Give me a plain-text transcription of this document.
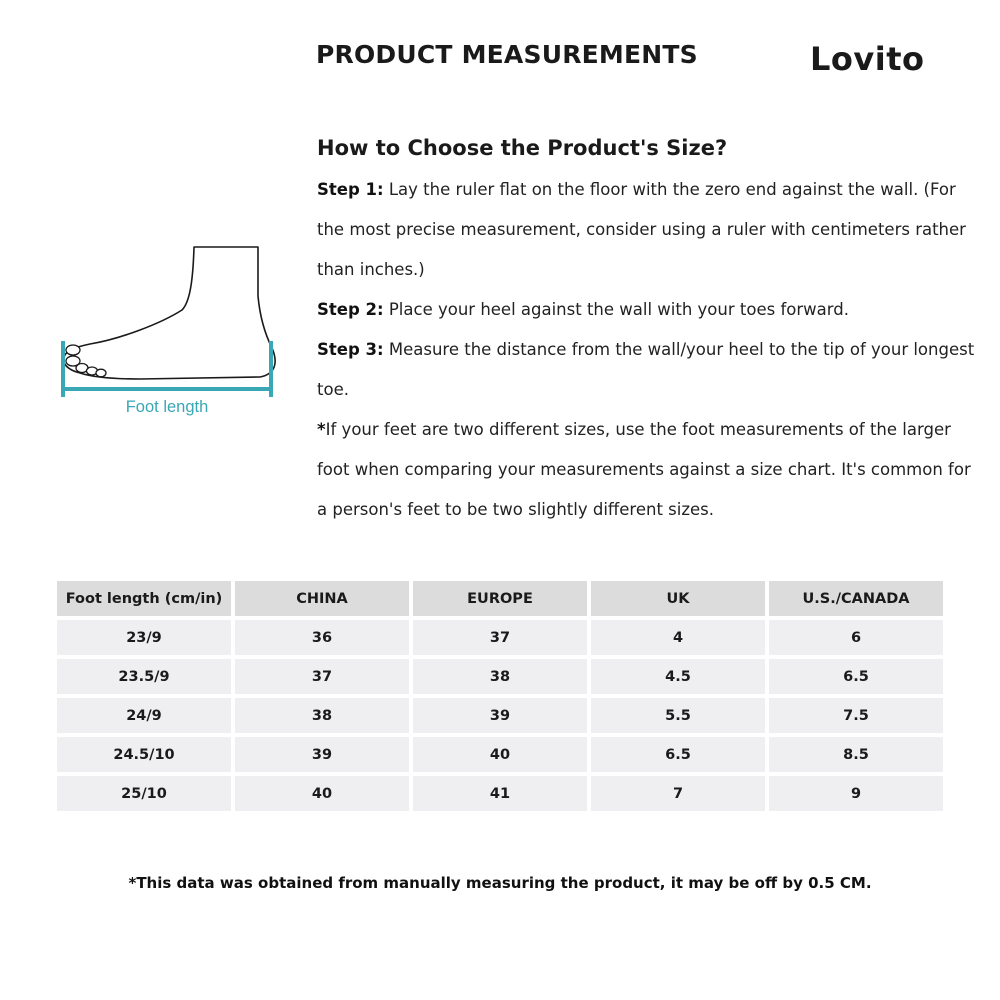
PRODUCT MEASUREMENTS	Lovito
Foot length
How to Choose the Product's Size?

Step 1: Lay the ruler flat on the floor with the zero end against the wall. (For the most precise measurement, consider using a ruler with centimeters rather than inches.)

Step 2: Place your heel against the wall with your toes forward.

Step 3: Measure the distance from the wall/your heel to the tip of your longest toe.

*If your feet are two different sizes, use the foot measurements of the larger foot when comparing your measurements against a size chart. It's common for a person's feet to be two slightly different sizes.

Foot length (cm/in)	CHINA	EUROPE	UK	U.S./CANADA
23/9	36	37	4	6
23.5/9	37	38	4.5	6.5
24/9	38	39	5.5	7.5
24.5/10	39	40	6.5	8.5
25/10	40	41	7	9
*This data was obtained from manually measuring the product, it may be off by 0.5 CM.
